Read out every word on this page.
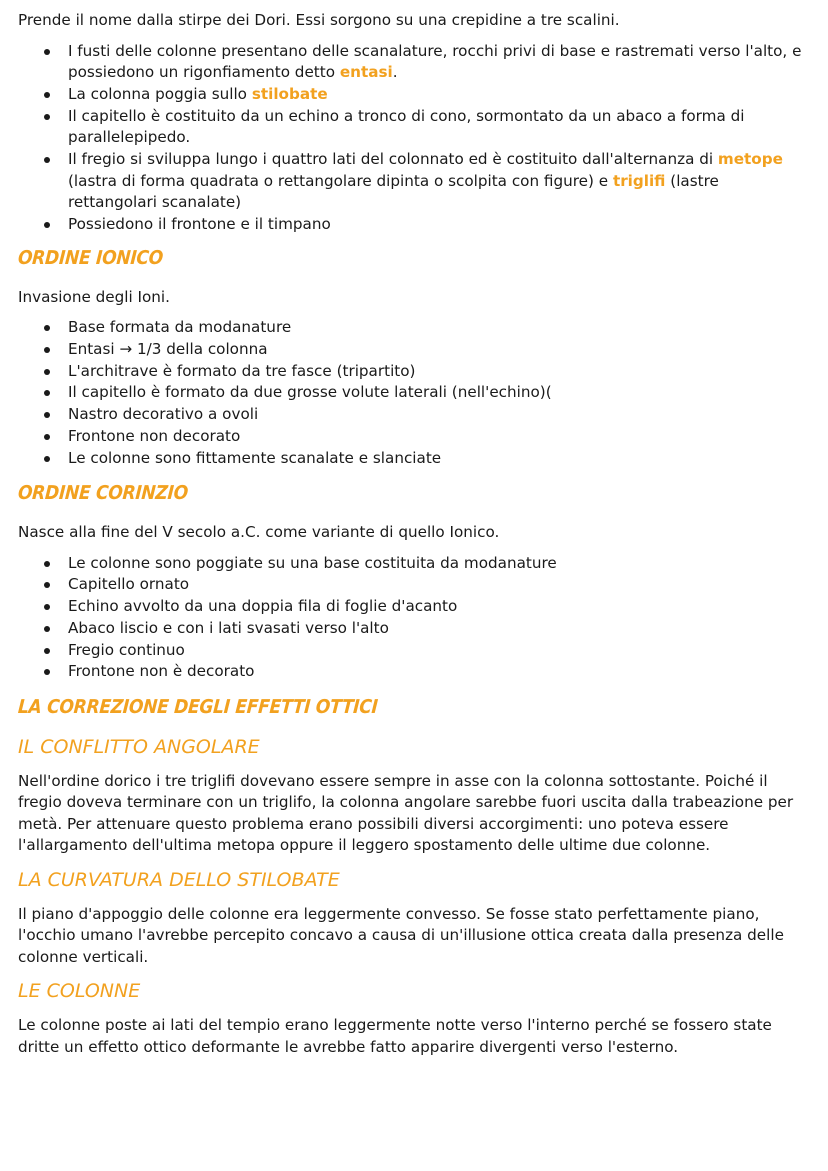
Prende il nome dalla stirpe dei Dori. Essi sorgono su una crepidine a tre scalini.

I fusti delle colonne presentano delle scanalature, rocchi privi di base e rastremati verso l'alto, e possiedono un rigonfiamento detto entasi.
La colonna poggia sullo stilobate
Il capitello è costituito da un echino a tronco di cono, sormontato da un abaco a forma di parallelepipedo.
Il fregio si sviluppa lungo i quattro lati del colonnato ed è costituito dall'alternanza di metope (lastra di forma quadrata o rettangolare dipinta o scolpita con figure) e triglifi (lastre rettangolari scanalate)
Possiedono il frontone e il timpano
ORDINE IONICO

Invasione degli Ioni.

Base formata da modanature
Entasi → 1/3 della colonna
L'architrave è formato da tre fasce (tripartito)
Il capitello è formato da due grosse volute laterali (nell'echino)(
Nastro decorativo a ovoli
Frontone non decorato
Le colonne sono fittamente scanalate e slanciate
ORDINE CORINZIO

Nasce alla fine del V secolo a.C. come variante di quello Ionico.

Le colonne sono poggiate su una base costituita da modanature
Capitello ornato
Echino avvolto da una doppia fila di foglie d'acanto
Abaco liscio e con i lati svasati verso l'alto
Fregio continuo
Frontone non è decorato
LA CORREZIONE DEGLI EFFETTI OTTICI
IL CONFLITTO ANGOLARE

Nell'ordine dorico i tre triglifi dovevano essere sempre in asse con la colonna sottostante. Poiché il fregio doveva terminare con un triglifo, la colonna angolare sarebbe fuori uscita dalla trabeazione per metà. Per attenuare questo problema erano possibili diversi accorgimenti: uno poteva essere l'allargamento dell'ultima metopa oppure il leggero spostamento delle ultime due colonne.

LA CURVATURA DELLO STILOBATE

Il piano d'appoggio delle colonne era leggermente convesso. Se fosse stato perfettamente piano, l'occhio umano l'avrebbe percepito concavo a causa di un'illusione ottica creata dalla presenza delle colonne verticali.

LE COLONNE

Le colonne poste ai lati del tempio erano leggermente notte verso l'interno perché se fossero state dritte un effetto ottico deformante le avrebbe fatto apparire divergenti verso l'esterno.
